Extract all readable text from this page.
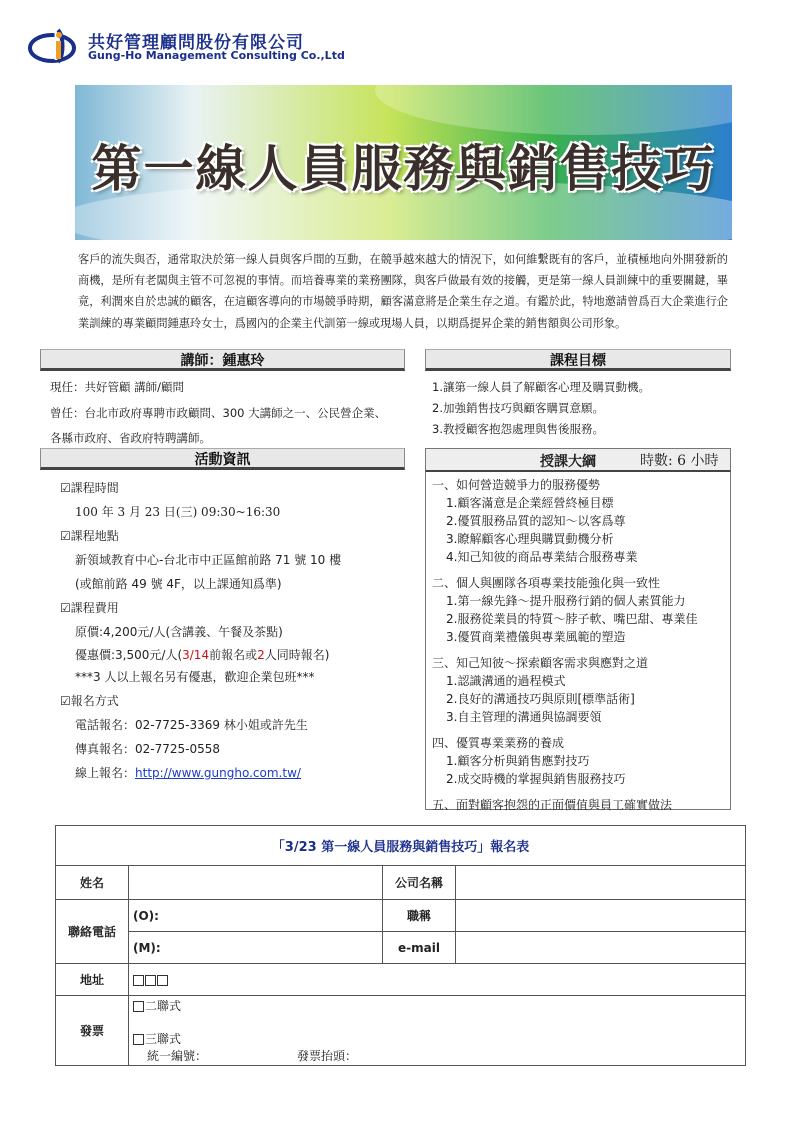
共好管理顧問股份有限公司
Gung-Ho Management Consulting Co.,Ltd
第一線人員服務與銷售技巧
客戶的流失與否，通常取決於第一線人員與客戶間的互動，在競爭越來越大的情況下，如何維繫既有的客戶，並積極地向外開發新的商機，是所有老闆與主管不可忽視的事情。而培養專業的業務團隊，與客戶做最有效的接觸，更是第一線人員訓練中的重要關鍵，畢竟，利潤來自於忠誠的顧客，在這顧客導向的市場競爭時期，顧客滿意將是企業生存之道。有鑑於此，特地邀請曾爲百大企業進行企業訓練的專業顧問鍾惠玲女士，爲國內的企業主代訓第一線或現場人員，以期爲提昇企業的銷售額與公司形象。
講師：鍾惠玲
現任：共好管顧 講師/顧問
曾任：台北市政府專聘市政顧問、300 大講師之一、公民營企業、
各縣市政府、省政府特聘講師。
課程目標
1.讓第一線人員了解顧客心理及購買動機。
2.加強銷售技巧與顧客購買意願。
3.教授顧客抱怨處理與售後服務。
活動資訊
☑課程時間
100 年 3 月 23 日(三) 09:30~16:30
☑課程地點
新領域教育中心-台北市中正區館前路 71 號 10 樓
(或館前路 49 號 4F，以上課通知爲準)
☑課程費用
原價:4,200元/人(含講義、午餐及茶點)
優惠價:3,500元/人(3/14前報名或2人同時報名)
***3 人以上報名另有優惠，歡迎企業包班***
☑報名方式
電話報名：02-7725-3369 林小姐或許先生
傳真報名：02-7725-0558
線上報名：http://www.gungho.com.tw/
授課大綱	時數: 6 小時
一、如何營造競爭力的服務優勢
1.顧客滿意是企業經營終極目標
2.優質服務品質的認知～以客爲尊
3.瞭解顧客心理與購買動機分析
4.知己知彼的商品專業結合服務專業
二、個人與團隊各項專業技能強化與一致性
1.第一線先鋒～提升服務行銷的個人素質能力
2.服務從業員的特質～脖子軟、嘴巴甜、專業佳
3.優質商業禮儀與專業風範的塑造
三、知己知彼～探索顧客需求與應對之道
1.認識溝通的過程模式
2.良好的溝通技巧與原則[標準話術]
3.自主管理的溝通與協調要領
四、優質專業業務的養成
1.顧客分析與銷售應對技巧
2.成交時機的掌握與銷售服務技巧
五、面對顧客抱怨的正面價值與員工確實做法
「3/23 第一線人員服務與銷售技巧」報名表			
姓名		公司名稱	
聯絡電話	(O):	職稱	
	(M):	e-mail	
地址			
發票	二聯式
三聯式
統一編號： 發票抬頭：		
